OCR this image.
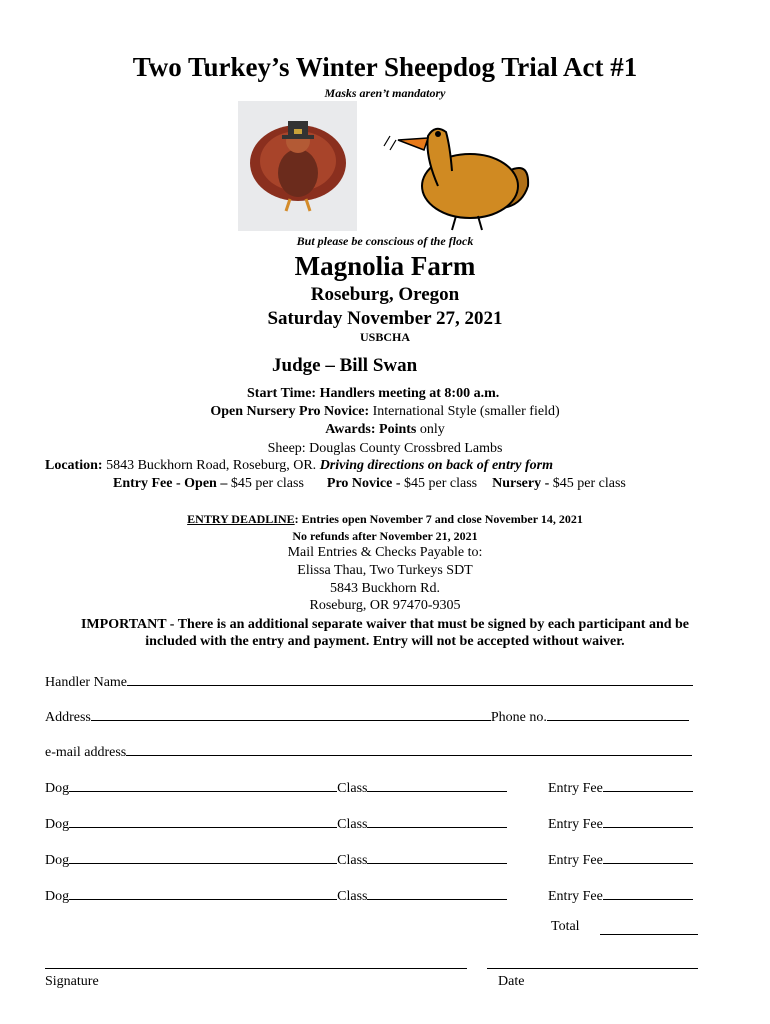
Two Turkey’s Winter Sheepdog Trial Act #1
Masks aren’t mandatory
But please be conscious of the flock
Magnolia Farm
Roseburg, Oregon
Saturday November 27, 2021
USBCHA
Judge – Bill Swan
Start Time: Handlers meeting at 8:00 a.m.
Open Nursery Pro Novice: International Style (smaller field)
Awards: Points only
Sheep: Douglas County Crossbred Lambs
Location: 5843 Buckhorn Road, Roseburg, OR. Driving directions on back of entry form
Entry Fee - Open – $45 per class Pro Novice - $45 per class Nursery - $45 per class
ENTRY DEADLINE: Entries open November 7 and close November 14, 2021
No refunds after November 21, 2021
Mail Entries & Checks Payable to:
Elissa Thau, Two Turkeys SDT
5843 Buckhorn Rd.
Roseburg, OR 97470-9305
IMPORTANT - There is an additional separate waiver that must be signed by each participant and be
included with the entry and payment. Entry will not be accepted without waiver.
Handler Name
Address	Phone no.
e-mail address
Dog	Class	Entry Fee
Dog	Class	Entry Fee
Dog	Class	Entry Fee
Dog	Class	Entry Fee
Total
Signature	Date
